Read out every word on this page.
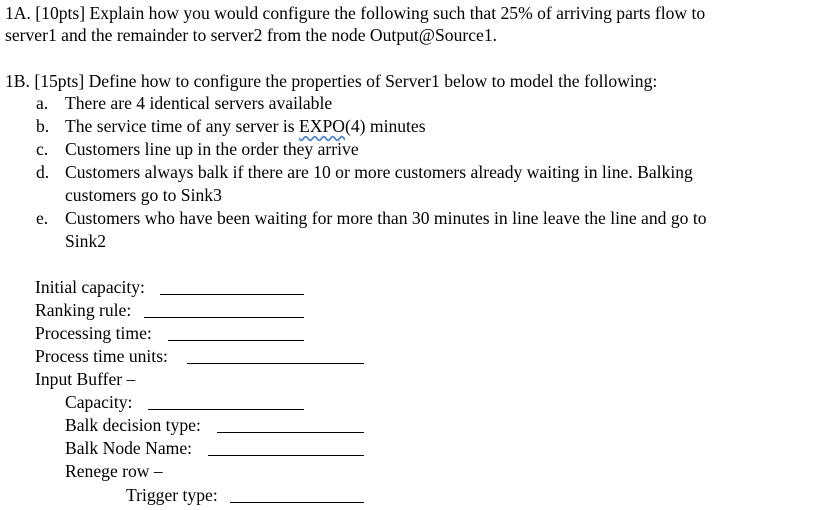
1A. [10pts] Explain how you would configure the following such that 25% of arriving parts flow to
server1 and the remainder to server2 from the node Output@Source1.
1B. [15pts] Define how to configure the properties of Server1 below to model the following:
a. There are 4 identical servers available
b. The service time of any server is EXPO(4) minutes
c. Customers line up in the order they arrive
d. Customers always balk if there are 10 or more customers already waiting in line. Balking
customers go to Sink3
e. Customers who have been waiting for more than 30 minutes in line leave the line and go to
Sink2
Initial capacity:
Ranking rule:
Processing time:
Process time units:
Input Buffer –
Capacity:
Balk decision type:
Balk Node Name:
Renege row –
Trigger type:
